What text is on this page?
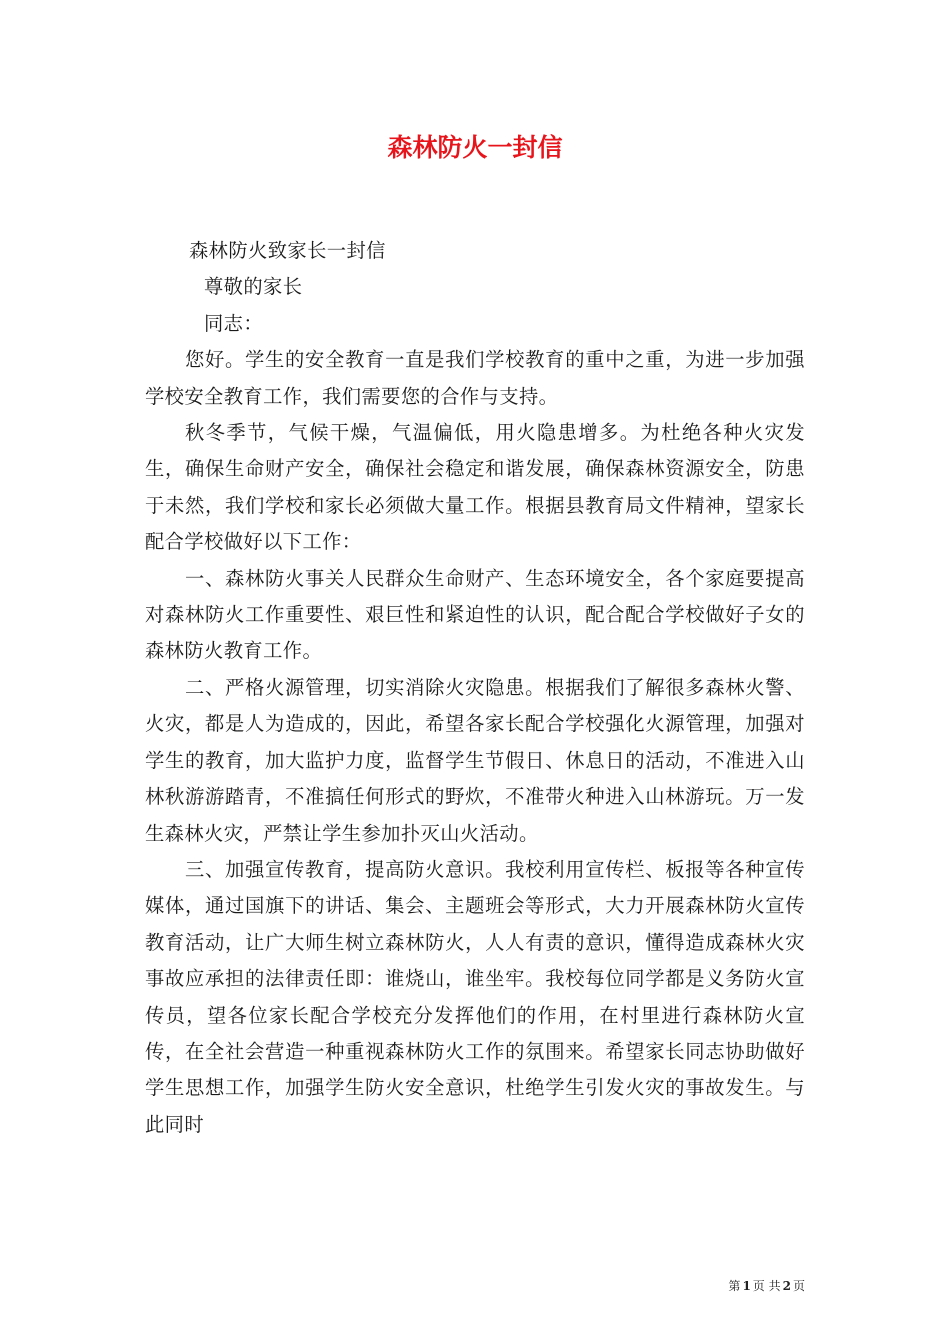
森林防火一封信

森林防火致家长一封信

尊敬的家长

同志：

您好。学生的安全教育一直是我们学校教育的重中之重，为进一步加强学校安全教育工作，我们需要您的合作与支持。

秋冬季节，气候干燥，气温偏低，用火隐患增多。为杜绝各种火灾发生，确保生命财产安全，确保社会稳定和谐发展，确保森林资源安全，防患于未然，我们学校和家长必须做大量工作。根据县教育局文件精神，望家长配合学校做好以下工作：

一、森林防火事关人民群众生命财产、生态环境安全，各个家庭要提高对森林防火工作重要性、艰巨性和紧迫性的认识，配合配合学校做好子女的森林防火教育工作。

二、严格火源管理，切实消除火灾隐患。根据我们了解很多森林火警、火灾，都是人为造成的，因此，希望各家长配合学校强化火源管理，加强对学生的教育，加大监护力度，监督学生节假日、休息日的活动，不准进入山林秋游游踏青，不准搞任何形式的野炊，不准带火种进入山林游玩。万一发生森林火灾，严禁让学生参加扑灭山火活动。

三、加强宣传教育，提高防火意识。我校利用宣传栏、板报等各种宣传媒体，通过国旗下的讲话、集会、主题班会等形式，大力开展森林防火宣传教育活动，让广大师生树立森林防火，人人有责的意识，懂得造成森林火灾事故应承担的法律责任即：谁烧山，谁坐牢。我校每位同学都是义务防火宣传员，望各位家长配合学校充分发挥他们的作用，在村里进行森林防火宣传，在全社会营造一种重视森林防火工作的氛围来。希望家长同志协助做好学生思想工作，加强学生防火安全意识，杜绝学生引发火灾的事故发生。与此同时

第 1 页 共 2 页
